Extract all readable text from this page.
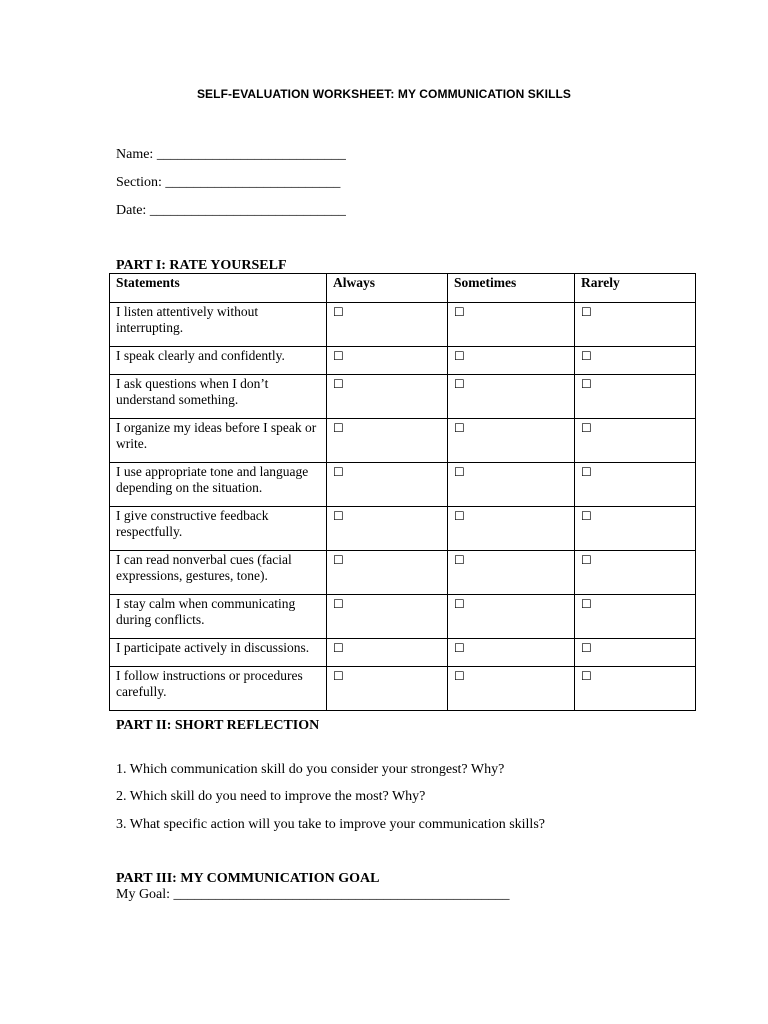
SELF-EVALUATION WORKSHEET: MY COMMUNICATION SKILLS

Name: ___________________________

Section: _________________________

Date: ____________________________

PART I: RATE YOURSELF

Statements	Always	Sometimes	Rarely
I listen attentively without interrupting.	☐	☐	☐
I speak clearly and confidently.	☐	☐	☐
I ask questions when I don’t understand something.	☐	☐	☐
I organize my ideas before I speak or write.	☐	☐	☐
I use appropriate tone and language depending on the situation.	☐	☐	☐
I give constructive feedback respectfully.	☐	☐	☐
I can read nonverbal cues (facial expressions, gestures, tone).	☐	☐	☐
I stay calm when communicating during conflicts.	☐	☐	☐
I participate actively in discussions.	☐	☐	☐
I follow instructions or procedures carefully.	☐	☐	☐

PART II: SHORT REFLECTION

1. Which communication skill do you consider your strongest? Why?

2. Which skill do you need to improve the most? Why?

3. What specific action will you take to improve your communication skills?

PART III: MY COMMUNICATION GOAL

My Goal: ________________________________________________
